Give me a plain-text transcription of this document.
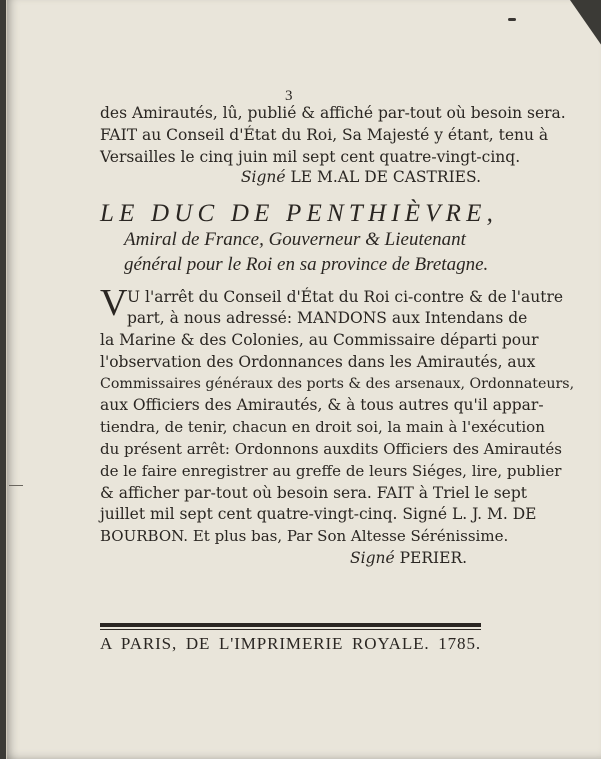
3
des Amirautés, lû, publié & affiché par-tout où besoin sera.
FAIT au Conseil d'État du Roi, Sa Majesté y étant, tenu à
Versailles le cinq juin mil sept cent quatre-vingt-cinq.
Signé LE M.AL DE CASTRIES.
LE DUC DE PENTHIÈVRE,
Amiral de France, Gouverneur & Lieutenant
général pour le Roi en sa province de Bretagne.
V U l'arrêt du Conseil d'État du Roi ci-contre & de l'autre
part, à nous adressé: MANDONS aux Intendans de
la Marine & des Colonies, au Commissaire départi pour
l'observation des Ordonnances dans les Amirautés, aux
Commissaires généraux des ports & des arsenaux, Ordonnateurs,
aux Officiers des Amirautés, & à tous autres qu'il appar-
tiendra, de tenir, chacun en droit soi, la main à l'exécution
du présent arrêt: Ordonnons auxdits Officiers des Amirautés
de le faire enregistrer au greffe de leurs Siéges, lire, publier
& afficher par-tout où besoin sera. FAIT à Triel le sept
juillet mil sept cent quatre-vingt-cinq. Signé L. J. M. DE
BOURBON. Et plus bas, Par Son Altesse Sérénissime.
Signé PERIER.
A PARIS, DE L'IMPRIMERIE ROYALE. 1785.
